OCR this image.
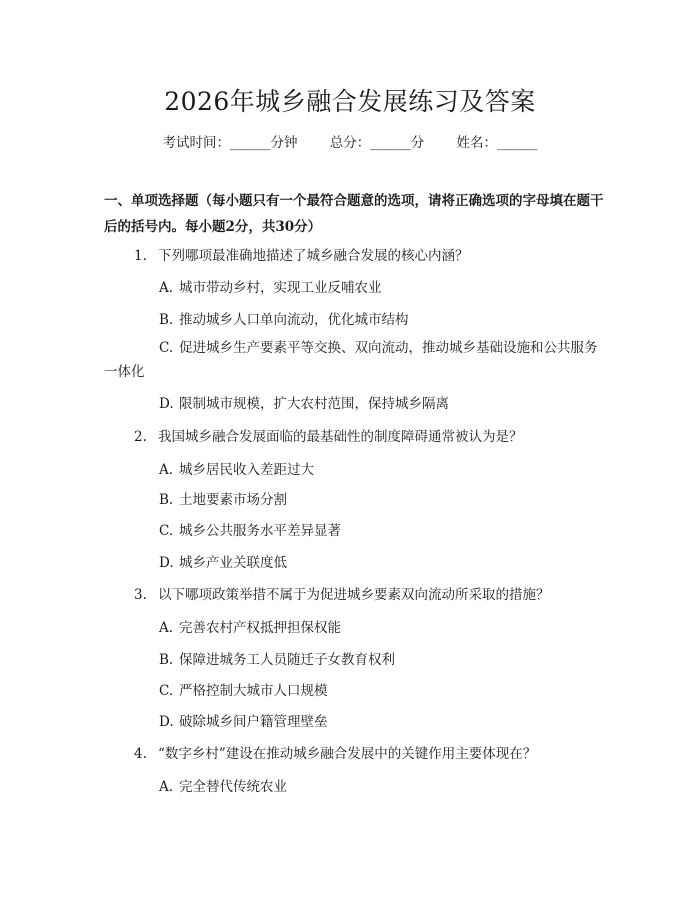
2026年城乡融合发展练习及答案
考试时间：______分钟 总分：______分 姓名：______
一、单项选择题（每小题只有一个最符合题意的选项，请将正确选项的字母填在题干后的括号内。每小题2分，共30分）
1. 下列哪项最准确地描述了城乡融合发展的核心内涵？
A. 城市带动乡村，实现工业反哺农业
B. 推动城乡人口单向流动，优化城市结构
C. 促进城乡生产要素平等交换、双向流动，推动城乡基础设施和公共服务一体化
D. 限制城市规模，扩大农村范围，保持城乡隔离
2. 我国城乡融合发展面临的最基础性的制度障碍通常被认为是？
A. 城乡居民收入差距过大
B. 土地要素市场分割
C. 城乡公共服务水平差异显著
D. 城乡产业关联度低
3. 以下哪项政策举措不属于为促进城乡要素双向流动所采取的措施？
A. 完善农村产权抵押担保权能
B. 保障进城务工人员随迁子女教育权利
C. 严格控制大城市人口规模
D. 破除城乡间户籍管理壁垒
4. “数字乡村”建设在推动城乡融合发展中的关键作用主要体现在？
A. 完全替代传统农业
